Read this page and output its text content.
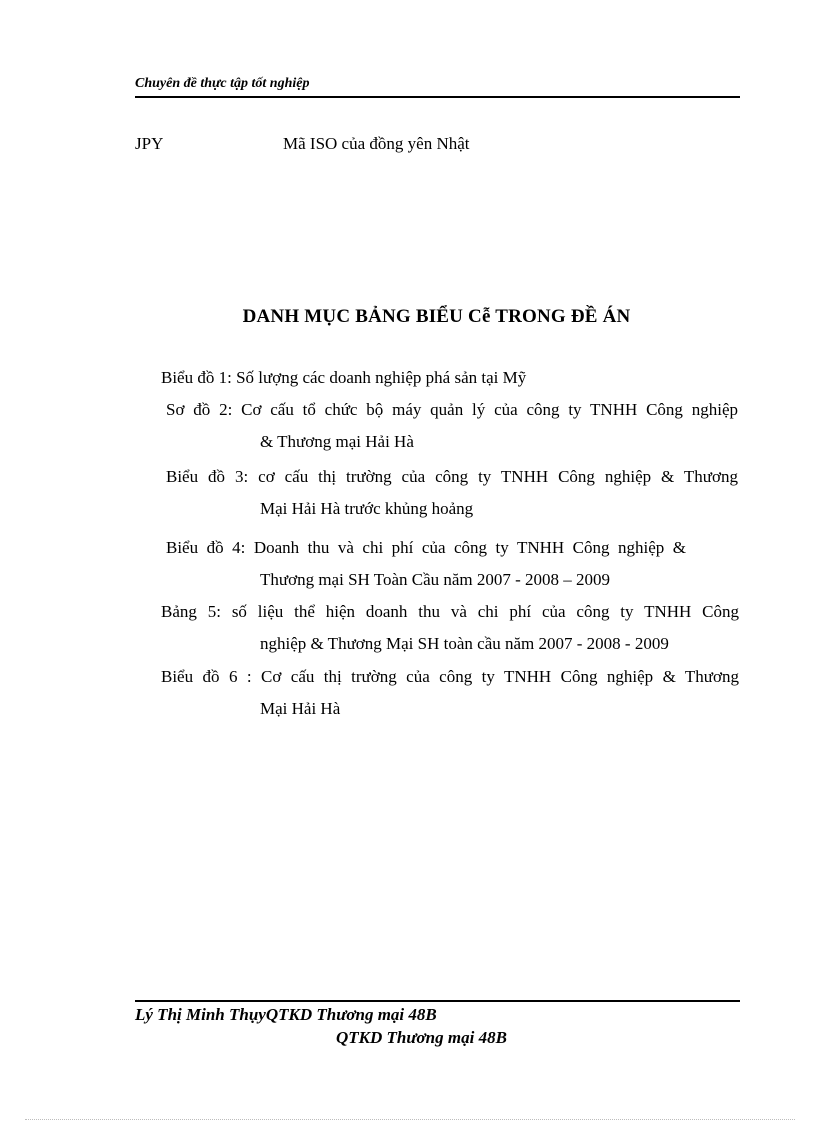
Chuyên đề thực tập tốt nghiệp
JPY	Mã ISO của đồng yên Nhật
DANH MỤC BẢNG BIỂU Cễ TRONG ĐỀ ÁN
Biểu đồ 1: Số lượng các doanh nghiệp phá sản tại Mỹ
Sơ đồ 2: Cơ cấu tổ chức bộ máy quản lý của công ty TNHH Công nghiệp
& Thương mại Hải Hà
Biểu đồ 3: cơ cấu thị trường của công ty TNHH Công nghiệp & Thương
Mại Hải Hà trước khủng hoảng
Biểu đồ 4: Doanh thu và chi phí của công ty TNHH Công nghiệp &
Thương mại SH Toàn Cầu năm 2007 - 2008 – 2009
Bảng 5: số liệu thể hiện doanh thu và chi phí của công ty TNHH Công
nghiệp & Thương Mại SH toàn cầu năm 2007 - 2008 - 2009
Biểu đồ 6 : Cơ cấu thị trường của công ty TNHH Công nghiệp & Thương
Mại Hải Hà
Lý Thị Minh ThụyQTKD Thương mại 48B
QTKD Thương mại 48B
